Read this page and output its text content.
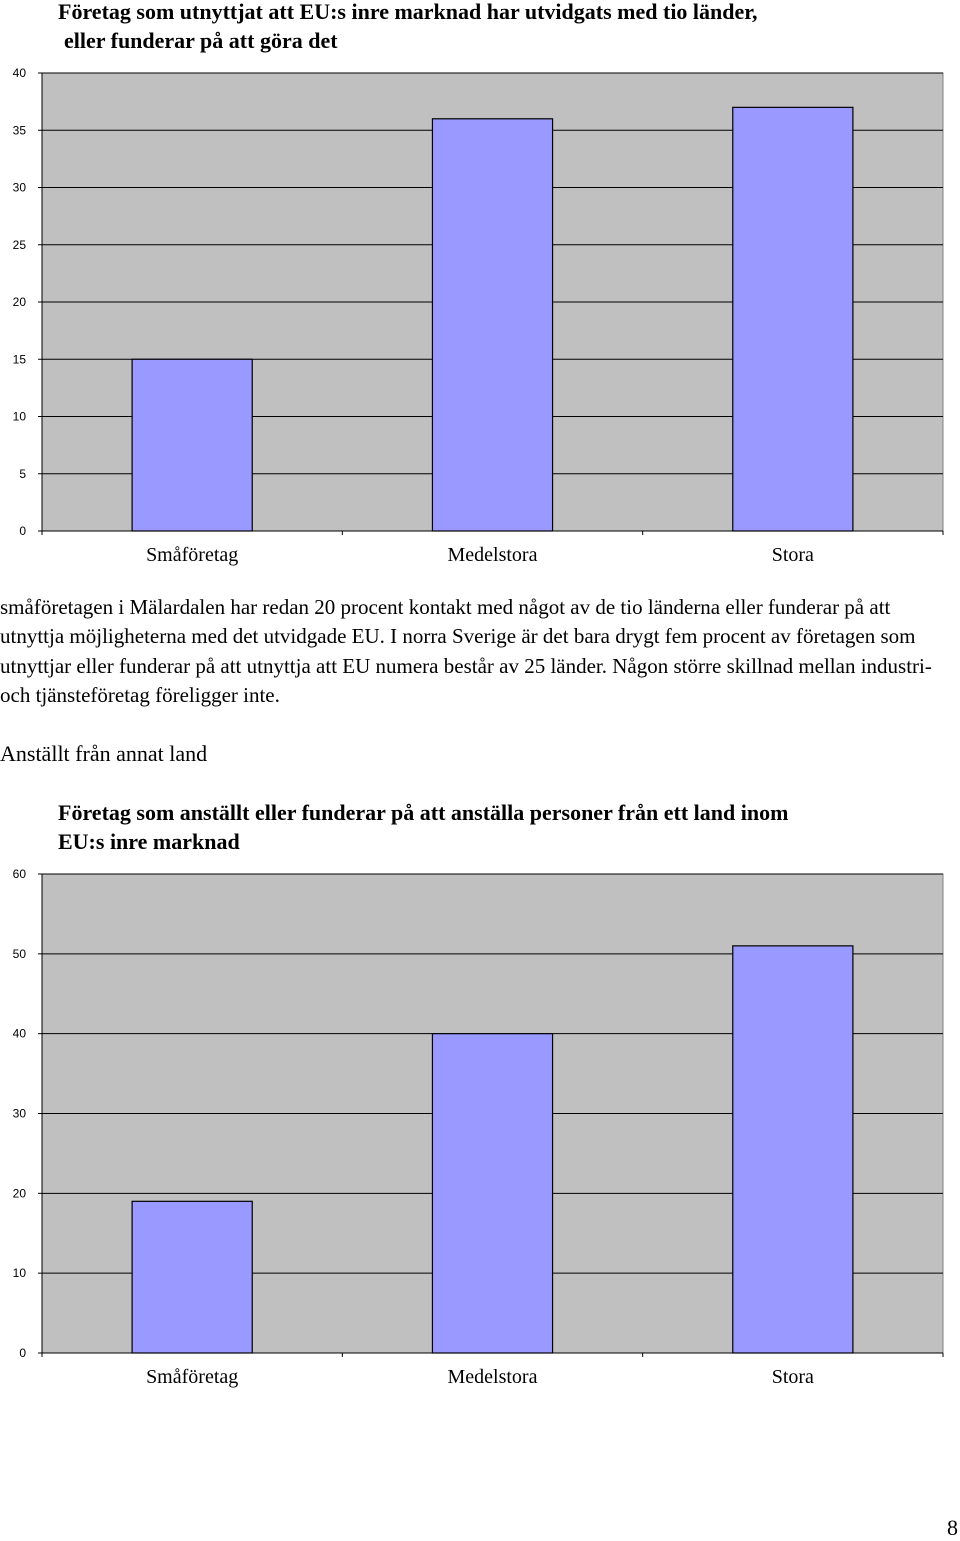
Företag som utnyttjat att EU:s inre marknad har utvidgats med tio länder,
eller funderar på att göra det
0
5
10
15
20
25
30
35
40
Småföretag	Medelstora	Stora

småföretagen i Mälardalen har redan 20 procent kontakt med något av de tio länderna eller funderar på att utnyttja möjligheterna med det utvidgade EU. I norra Sverige är det bara drygt fem procent av företagen som utnyttjar eller funderar på att utnyttja att EU numera består av 25 länder. Någon större skillnad mellan industri- och tjänsteföretag föreligger inte.

Anställt från annat land
Företag som anställt eller funderar på att anställa personer från ett land inom
EU:s inre marknad
0
10
20
30
40
50
60
Småföretag	Medelstora	Stora
8
